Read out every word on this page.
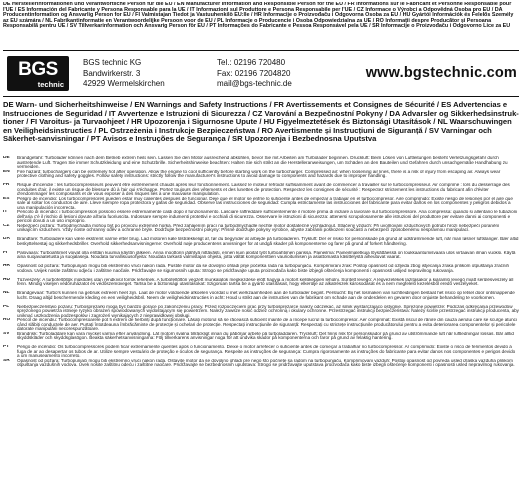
DE Herstellerinformationen und Verantwortliche Person für die EU / EN Manufacturer Information and Responsible Person for the EU / FR Informations sur le Fabricant et Personne Responsable pour l'UE / ES Información del Fabricante y Persona Responsable para la UE / IT Informazioni sul Produttore e Persona Responsabile per l'UE / CZ Informace o Výrobci a Odpovědná Osoba pro EU / DA Producentinformation og Ansvarlig Person for EU / FI Valmistajan Tiedot ja Vastuuhenkilö EU:lle / HR Informacije o Proizvođaču i Odgovorna Osoba za EU / HU Gyártói Információk és Felelős Személy az EU számára / NL Fabrikantinformatie en Verantwoordelijke Persoon voor de EU / PL Informacje o Producencie i Osoba Odpowiedzialna za UE / RO Informații despre Producător și Persoana Responsabilă pentru UE / SV Tillverkarinformation och Ansvarig Person för EU / PT Informações do Fabricante e Pessoa Responsável pela UE / SR Informacije o Proizvođaču i Odgovorno Lice za EU
BGS
technic
BGS technic KG
Bandwirkerstr. 3
42929 Wermelskirchen
Tel.: 02196 720480
Fax: 02196 7204820
mail@bgs-technic.de
www.bgstechnic.com
DE Warn- und Sicherheitshinweise / EN Warnings and Safety Instructions / FR Avertissements et Consignes de Sécurité / ES Advertencias e Instrucciones de Seguridad / IT Avvertenze e Istruzioni di Sicurezza / CZ Varování a Bezpečnostní Pokyny / DA Advarsler og Sikkerhedsinstruk-tioner / FI Varoitus- ja Turvaohjeet / HR Upozorenja i Sigurnosne Upute / HU Figyelmeztetések és Biztonsági Utasítások / NL Waarschuwingen en Veiligheidsinstructies / PL Ostrzeżenia i Instrukcje Bezpieczeństwa / RO Avertismente și Instrucțiuni de Siguranță / SV Varningar och Säkerhet-sanvisningar / PT Avisos e Instruções de Segurança / SR Upozorenja i Bezbednosna Uputstva
DE	Brandgefahr: Turbolader können nach dem Betrieb extrem heiß sein. Lassen Sie den Motor ausreichend abkühlen, bevor Sie mit Arbeiten am Turbolader beginnen. Druckluft: Beim Lösen von Luftleitungen besteht Verletzungsgefahr durch austretende Luft. Tragen Sie immer Schutzkleidung und eine Schutzbrille. Sicherheitshinweise beachten: Halten Sie sich strikt an die Herstelleranweisungen, um Schäden an den Bauteilen und Gefahren durch unsachgemäße Handhabung zu vermeiden.
EN	Fire hazard: turbochargers can be extremely hot after operation. Allow the engine to cool sufficiently before starting work on the turbocharger. Compressed air: when loosening air lines, there is a risk of injury from escaping air. Always wear protective clothing and safety goggles. Follow safety instructions: strictly follow the manufacturer's instructions to avoid damage to components and hazards due to improper handling.
FR	Risque d'incendie : les turbocompresseurs peuvent être extrêmement chauds après leur fonctionnement. Laissez le moteur refroidir suffisamment avant de commencer à travailler sur le turbocompresseur. Air comprimé : lors du desserrage des conduites d'air, il existe un risque de blessure dû à l'air qui s'échappe. Portez toujours des vêtements et des lunettes de protection. Respectez les consignes de sécurité : Respectez strictement les instructions du fabricant afin d'éviter d'endommager les composants et de vous exposer à des risques liés à une mauvaise manipulation.
ES	Peligro de incendio: Los turbocompresores pueden estar muy calientes después de funcionar. Deje que el motor se enfríe lo suficiente antes de empezar a trabajar en el turbocompresor. Aire comprimido: Existe riesgo de lesiones por el aire que sale al soltar los conductos de aire. Lleve siempre ropa protectora y gafas de seguridad. Observe las instrucciones de seguridad: Cumpla estrictamente las instrucciones del fabricante para evitar daños en los componentes y peligros debidos a una manipulación incorrecta.
IT	Pericolo di incendio: i turbocompressori possono essere estremamente caldi dopo il funzionamento. Lasciare raffreddare sufficientemente il motore prima di iniziare a lavorare sul turbocompressore. Aria compressa: quando si allentano le tubazioni dell'aria c'è il rischio di lesioni dovute all'aria fuoriuscita. Indossare sempre indumenti protettivi e occhiali di sicurezza. Osservare le istruzioni di sicurezza: attenersi scrupolosamente alle istruzioni del produttore per evitare danni ai componenti e pericoli dovuti a un uso improprio.
CZ	Nebezpečí požáru: Turbodmychadla mohou být po provozu extrémně horká. Před zahájením prací na turbodmychadle nechte motor dostatečně vychladnout. Stlačený vzduch: Při uvolňování vzduchových potrubí hrozí nebezpečí poranění unikajícím vzduchem. Vždy noste ochranný oděv a ochranné brýle. Dodržujte bezpečnostní pokyny: Přísně dodržujte pokyny výrobce, abyste zabránili poškození součástí a nebezpečí způsobenému nesprávnou manipulací.
DA	Brandfare: Turboladere kan være ekstremt varme efter brug. Lad motoren køle tilstrækkeligt af, før du begynder at arbejde på turboladeren. Trykluft: Der er risiko for personskade på grund af udstrømmende luft, når man løsner luftslanger. Bær altid beskyttelsestøj og sikkerhedsbriller. Overhold sikkerhedsanvisningerne: Overhold nøje producentens anvisninger for at undgå skader på komponenterne og farer på grund af forkert håndtering.
FI	Palovaara: Turboahtimet voivat olla erittäin kuumia käytön jälkeen. Anna moottorin jäähtyä riittävästi, ennen kuin aloitat työt turboahtimen parissa. Paineilma: Paineilmaletkuja löysättäessä on loukkaantumisvaara ulos virtaavan ilman vuoksi. Käytä aina suojavaatetusta ja suojalaseja. Noudata turvallisuusohjeita: Noudata tarkasti valmistajan ohjeita, jotta vältät komponenttien vaurioitumisen ja asiattomasta käsittelystä aiheutuvat vaarat.
HR	Opasnost od požara: Turbopunjači mogu biti ekstremno vrući nakon rada. Pustite motor da se dovoljno ohladi prije početka rada na turbopunjaču. Komprimirani zrak: Postoji opasnost od ozljeda zbog istjecanja zraka prilikom otpuštanja zračnih vodova. Uvijek nosite zaštitnu odjeću i zaštitne naočale. Pridržavajte se sigurnosnih uputa: Strogo se pridržavajte uputa proizvođača kako biste izbjegli oštećenja komponenti i opasnosti uslijed nepravilnog rukovanja.
HU	Tűzveszély: A turbófeltöltők működés után rendkívül forrók lehetnek. A turbófeltöltőn végzett munkálatok megkezdése előtt hagyja a motort kellőképpen lehűlni. Sűrített levegő: A légvezetékek lazításakor a kiáramló levegő miatt sérülésveszély áll fenn. Mindig viseljen védőruházatot és védőszemüveget. Tartsa be a biztonsági utasításokat: Szigorúan tartsa be a gyártó utasításait, hogy elkerülje az alkatrészek károsodását és a nem megfelelő kezelésből eredő veszélyeket.
NL	Brandgevaar: Turbo's kunnen na gebruik extreem heet zijn. Laat de motor voldoende afkoelen voordat u met werkzaamheden aan de turbolader begint. Perslucht: Bij het losmaken van luchtleidingen bestaat het risico op letsel door ontsnappende lucht. Draag altijd beschermende kleding en een veiligheidsbril. Neem de veiligheidsinstructies in acht: Houd u strikt aan de instructies van de fabrikant om schade aan de onderdelen en gevaren door onjuiste behandeling te voorkomen.
PL	Niebezpieczeństwo pożaru: Turbosprężarki mogą być bardzo gorące po zakończeniu pracy. Przed rozpoczęciem prac przy turbosprężarce należy odczekać, aż silnik wystarczająco ostygnie. Sprężone powietrze: Podczas odkręcania przewodów sprężonego powietrza istnieje ryzyko obrażeń spowodowanych wydostającym się powietrzem. Należy zawsze nosić odzież ochronną i okulary ochronne. Przestrzegać instrukcji bezpieczeństwa: Należy ściśle przestrzegać instrukcji producenta, aby uniknąć uszkodzenia podzespołów i zagrożeń wynikających z nieprawidłowej obsługi.
RO	Pericol de incendiu: Turbocompresoarele pot fi extrem de fierbinți după funcționare. Lăsați motorul să se răcească suficient înainte de a începe lucrul la turbocompresor. Aer comprimat: Există riscul de rănire din cauza aerului care se scurge atunci când slăbiți conductele de aer. Purtați întotdeauna îmbrăcăminte de protecție și ochelari de protecție. Respectați instrucțiunile de siguranță: Respectați cu strictețe instrucțiunile producătorului pentru a evita deteriorarea componentelor și pericolele datorate manipulării necorespunzătoare.
SV	Brandrisk: Turboladdare kan vara mycket varma efter användning. Låt motorn svalna tillräckligt innan du påbörjar arbete på turboladdaren. Tryckluft: Det finns risk för personskador på grund av utströmmande luft när luftledningar lossas. Bär alltid skyddskläder och skyddsglasögon. Beakta säkerhetsanvisningarna: Följ tillverkarens anvisningar noga för att undvika skador på komponenterna och faror på grund av felaktig hantering.
PT	Perigo de incêndio: Os turbocompressores podem ficar extremamente quentes após o funcionamento. Deixe o motor arrefecer o suficiente antes de começar a trabalhar no turbocompressor. Ar comprimido: Existe o risco de ferimentos devido à fuga de ar ao desapertar os tubos de ar. Utilize sempre vestuário de proteção e óculos de segurança. Respeite as instruções de segurança: Cumpra rigorosamente as instruções do fabricante para evitar danos nos componentes e perigos devido a um manuseamento incorreto.
SR	Opasnost od požara: Turbopunjači mogu biti ekstremno vrući nakon rada. Ostavite motor da se dovoljno ohladi pre nego što počnete sa radom na turbopunjaču. Komprimovani vazduh: Postoji opasnost od povreda usled izlaska vazduha prilikom otpuštanja vazdušnih vodova. Uvek nosite zaštitnu odeću i zaštitne naočare. Pridržavajte se bezbednosnih uputstava: Strogo se pridržavajte uputstava proizvođača kako biste izbegli oštećenje komponenti i opasnosti usled nepravilnog rukovanja.
